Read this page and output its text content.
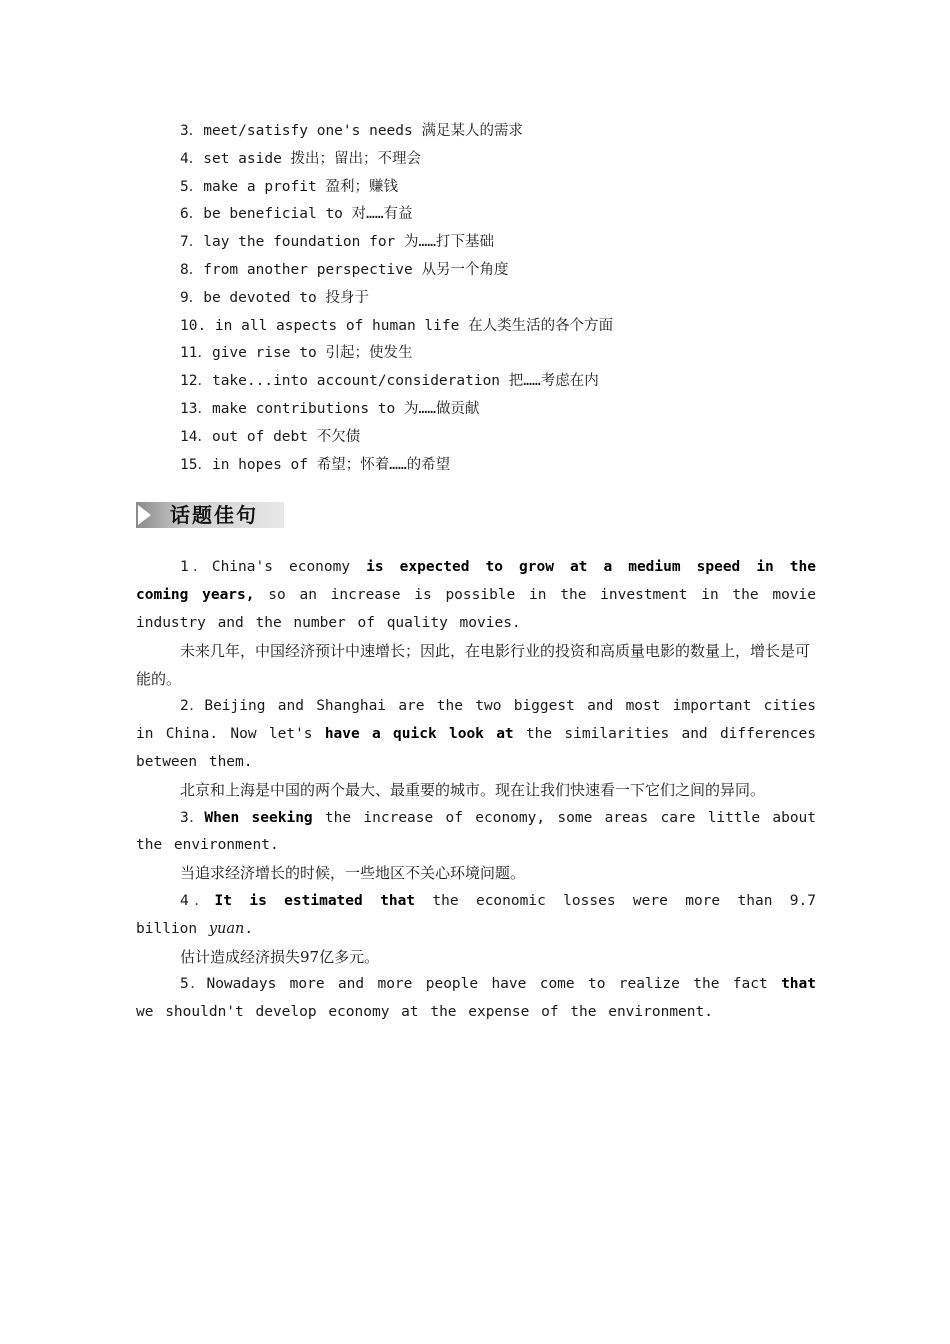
3．meet/satisfy one's needs 满足某人的需求
4．set aside 拨出；留出；不理会
5．make a profit 盈利；赚钱
6．be beneficial to 对……有益
7．lay the foundation for 为……打下基础
8．from another perspective 从另一个角度
9．be devoted to 投身于
10. in all aspects of human life 在人类生活的各个方面
11．give rise to 引起；使发生
12．take...into account/consideration 把……考虑在内
13．make contributions to 为……做贡献
14．out of debt 不欠债
15．in hopes of 希望；怀着……的希望
话题佳句

1．China's economy is expected to grow at a medium speed in the coming years, so an increase is possible in the investment in the movie industry and the number of quality movies.

未来几年，中国经济预计中速增长；因此，在电影行业的投资和高质量电影的数量上，增长是可能的。

2．Beijing and Shanghai are the two biggest and most important cities in China. Now let's have a quick look at the similarities and differences between them.

北京和上海是中国的两个最大、最重要的城市。现在让我们快速看一下它们之间的异同。

3．When seeking the increase of economy, some areas care little about the environment.

当追求经济增长的时候，一些地区不关心环境问题。

4．It is estimated that the economic losses were more than 9.7 billion yuan.

估计造成经济损失97亿多元。

5．Nowadays more and more people have come to realize the fact that we shouldn't develop economy at the expense of the environment.
